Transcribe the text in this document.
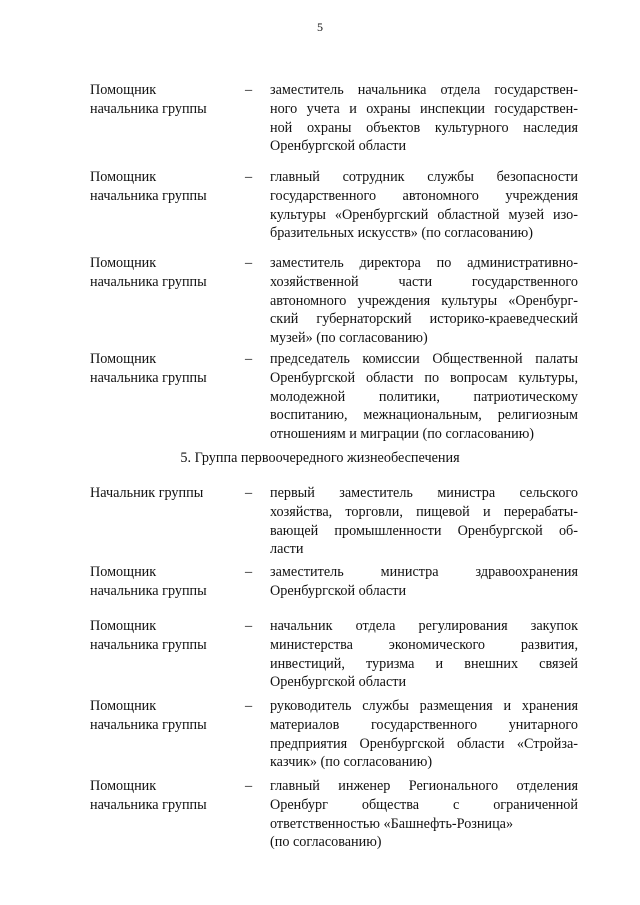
5
Помощник
начальника группы
– заместитель начальника отдела государствен-
ного учета и охраны инспекции государствен-
ной охраны объектов культурного наследия
Оренбургской области
Помощник
начальника группы
– главный сотрудник службы безопасности
государственного автономного учреждения
культуры «Оренбургский областной музей изо-
бразительных искусств» (по согласованию)
Помощник
начальника группы
– заместитель директора по административно-
хозяйственной части государственного
автономного учреждения культуры «Оренбург-
ский губернаторский историко-краеведческий
музей» (по согласованию)
Помощник
начальника группы
– председатель комиссии Общественной палаты
Оренбургской области по вопросам культуры,
молодежной политики, патриотическому
воспитанию, межнациональным, религиозным
отношениям и миграции (по согласованию)
5. Группа первоочередного жизнеобеспечения
Начальник группы	– первый заместитель министра сельского
хозяйства, торговли, пищевой и перерабаты-
вающей промышленности Оренбургской об-
ласти
Помощник
начальника группы
– заместитель министра здравоохранения
Оренбургской области
Помощник
начальника группы
– начальник отдела регулирования закупок
министерства экономического развития,
инвестиций, туризма и внешних связей
Оренбургской области
Помощник
начальника группы
– руководитель службы размещения и хранения
материалов государственного унитарного
предприятия Оренбургской области «Стройза-
казчик» (по согласованию)
Помощник
начальника группы
– главный инженер Регионального отделения
Оренбург общества с ограниченной
ответственностью «Башнефть-Розница»
(по согласованию)
